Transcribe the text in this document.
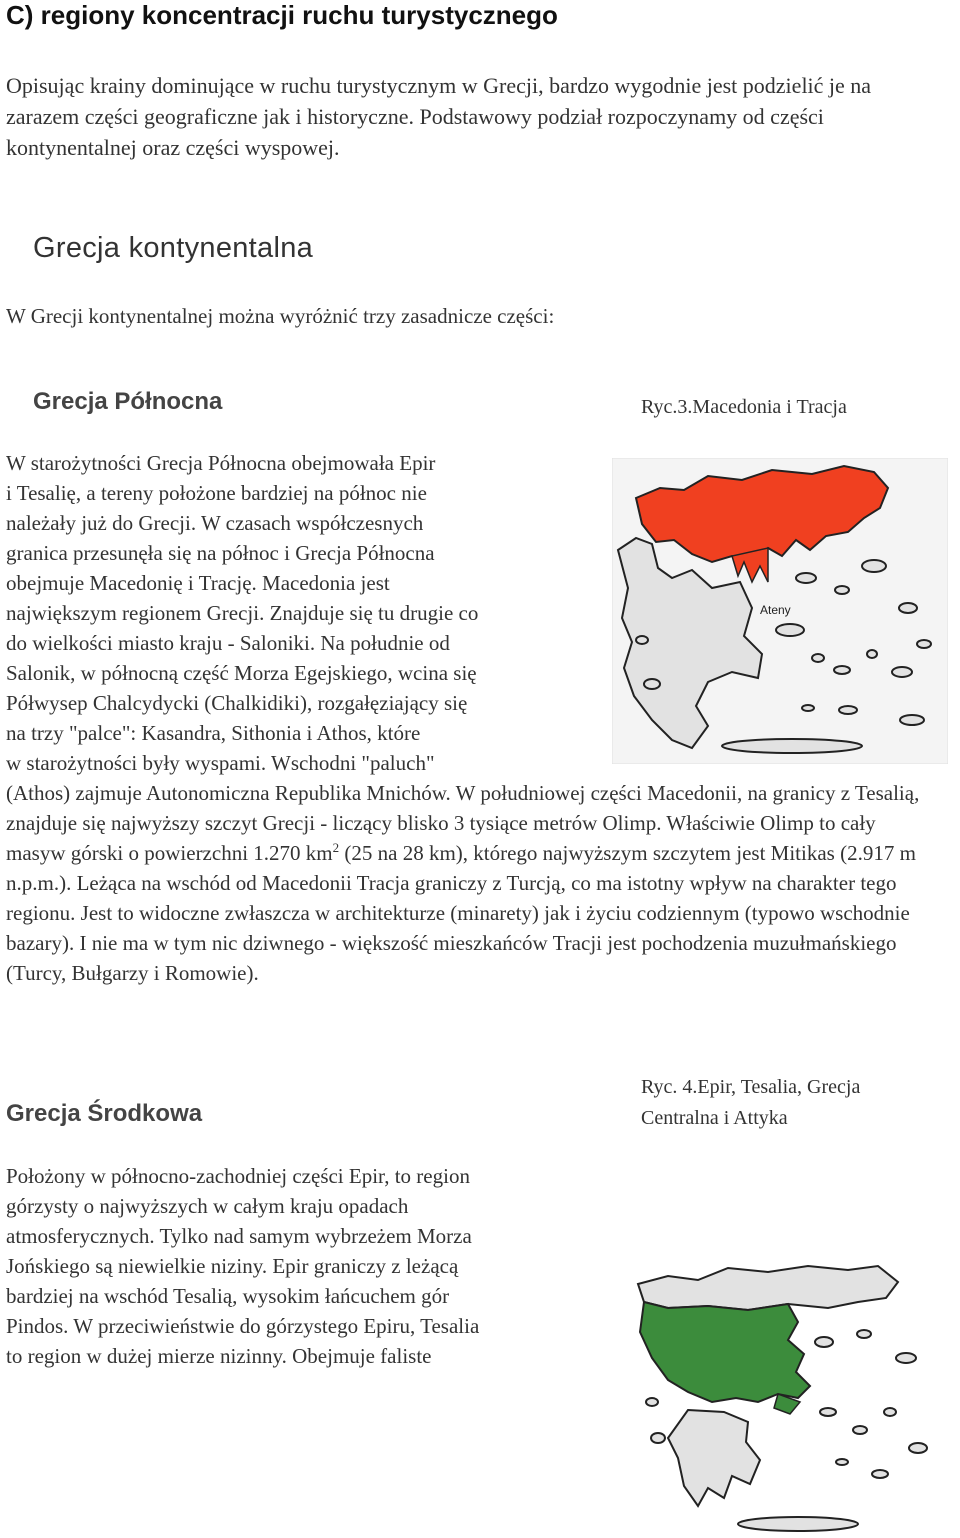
C) regiony koncentracji ruchu turystycznego
Opisując krainy dominujące w ruchu turystycznym w Grecji, bardzo wygodnie jest podzielić je na zarazem części geograficzne jak i historyczne. Podstawowy podział rozpoczynamy od części kontynentalnej oraz części wyspowej.
Grecja kontynentalna
W Grecji kontynentalnej można wyróżnić trzy zasadnicze części:
Grecja Północna	Ryc.3.Macedonia i Tracja
W starożytności Grecja Północna obejmowała Epir
i Tesalię, a tereny położone bardziej na północ nie
należały już do Grecji. W czasach współczesnych
granica przesunęła się na północ i Grecja Północna
obejmuje Macedonię i Trację. Macedonia jest
największym regionem Grecji. Znajduje się tu drugie co
do wielkości miasto kraju - Saloniki. Na południe od
Salonik, w północną część Morza Egejskiego, wcina się
Półwysep Chalcydycki (Chalkidiki), rozgałęziający się
na trzy "palce": Kasandra, Sithonia i Athos, które
w starożytności były wyspami. Wschodni "paluch"

(Athos) zajmuje Autonomiczna Republika Mnichów. W południowej części Macedonii, na granicy z Tesalią, znajduje się najwyższy szczyt Grecji - liczący blisko 3 tysiące metrów Olimp. Właściwie Olimp to cały masyw górski o powierzchni 1.270 $km^2$ (25 na 28 km), którego najwyższym szczytem jest Mitikas (2.917 m n.p.m.). Leżąca na wschód od Macedonii Tracja graniczy z Turcją, co ma istotny wpływ na charakter tego regionu. Jest to widoczne zwłaszcza w architekturze (minarety) jak i życiu codziennym (typowo wschodnie bazary). I nie ma w tym nic dziwnego - większość mieszkańców Tracji jest pochodzenia muzułmańskiego (Turcy, Bułgarzy i Romowie).

Ateny
Grecja Środkowa
Ryc. 4.Epir, Tesalia, Grecja
Centralna i Attyka
Położony w północno-zachodniej części Epir, to region
górzysty o najwyższych w całym kraju opadach
atmosferycznych. Tylko nad samym wybrzeżem Morza
Jońskiego są niewielkie niziny. Epir graniczy z leżącą
bardziej na wschód Tesalią, wysokim łańcuchem gór
Pindos. W przeciwieństwie do górzystego Epiru, Tesalia
to region w dużej mierze nizinny. Obejmuje faliste
